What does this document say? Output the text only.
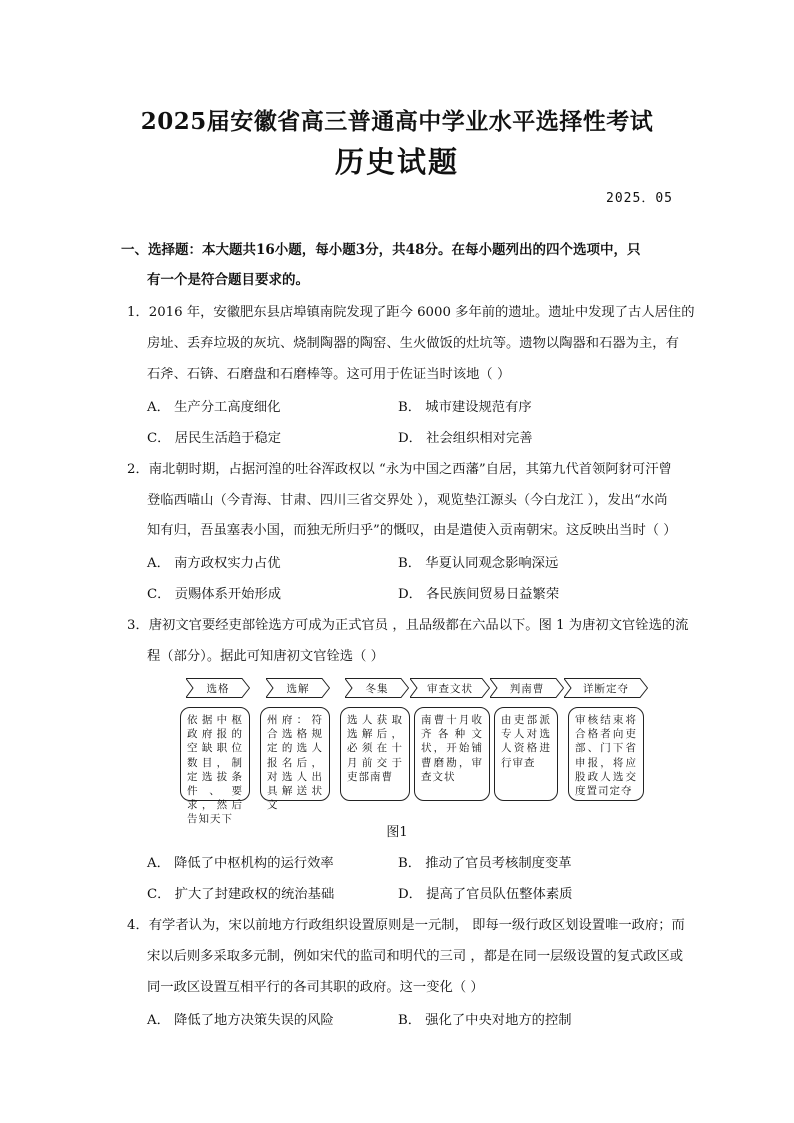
2025届安徽省高三普通高中学业水平选择性考试
历史试题
2025．05
一、选择题：本大题共16小题，每小题3分，共48分。在每小题列出的四个选项中，只
有一个是符合题目要求的。
1．2016 年，安徽肥东县店埠镇南院发现了距今 6000 多年前的遗址。遗址中发现了古人居住的
房址、丢弃垃圾的灰坑、烧制陶器的陶窑、生火做饭的灶坑等。遗物以陶器和石器为主，有
石斧、石锛、石磨盘和石磨棒等。这可用于佐证当时该地（ ）
A． 生产分工高度细化	B． 城市建设规范有序
C． 居民生活趋于稳定	D． 社会组织相对完善
2．南北朝时期，占据河湟的吐谷浑政权以 “永为中国之西藩”自居，其第九代首领阿豺可汗曾
登临西喵山（今青海、甘肃、四川三省交界处 ），观览垫江源头（今白龙江 ），发出“水尚
知有归，吾虽塞表小国，而独无所归乎”的慨叹，由是遣使入贡南朝宋。这反映出当时（ ）
A． 南方政权实力占优	B． 华夏认同观念影响深远
C． 贡赐体系开始形成	D． 各民族间贸易日益繁荣
3．唐初文官要经吏部铨选方可成为正式官员 ，且品级都在六品以下。图 1 为唐初文官铨选的流
程（部分）。据此可知唐初文官铨选（ ）
选格	选解	冬集	审查文状	判南曹	详断定夺
依据中枢政府报的空缺职位数目，制定选拔条件、要求，然后告知天下
州府：符合选格规定的选人报名后，对选人出具解送状文
选人获取选解后，必须在十月前交于吏部南曹
南曹十月收齐各种文状，开始铺曹磨勘，审查文状
由吏部派专人对选人资格进行审查
审核结束将合格者向吏部、门下省申报，将应股政人选交度置司定夺
图1
A． 降低了中枢机构的运行效率	B． 推动了官员考核制度变革
C． 扩大了封建政权的统治基础	D． 提高了官员队伍整体素质
4．有学者认为，宋以前地方行政组织设置原则是一元制， 即每一级行政区划设置唯一政府；而
宋以后则多采取多元制，例如宋代的监司和明代的三司 ，都是在同一层级设置的复式政区或
同一政区设置互相平行的各司其职的政府。这一变化（ ）
A． 降低了地方决策失误的风险	B． 强化了中央对地方的控制
